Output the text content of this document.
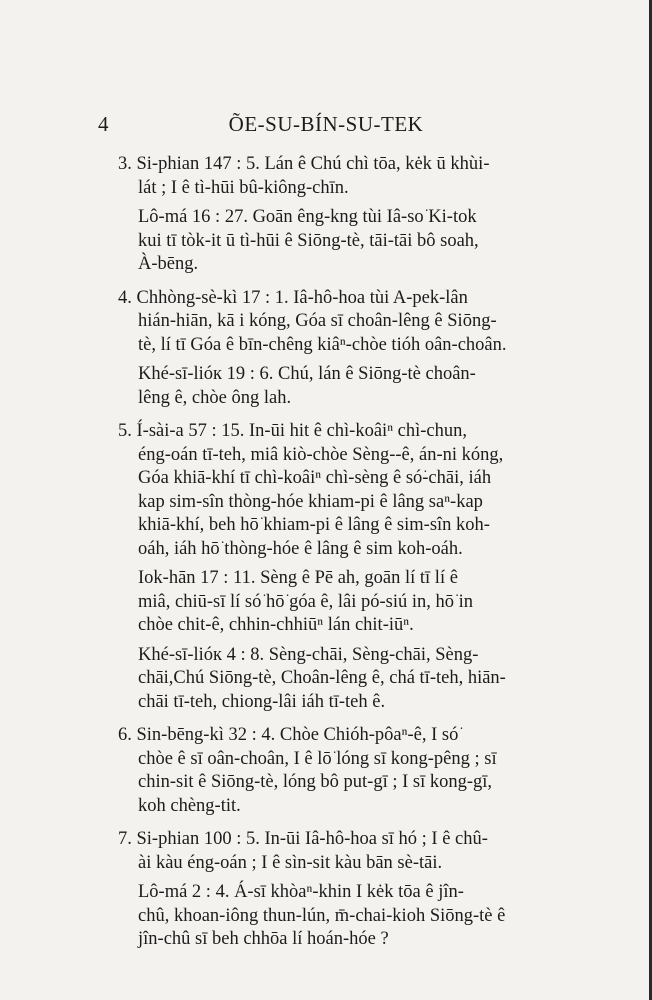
4	ÕE-SU-BÍN-SU-TEK
3. Si-phian 147 : 5. Lán ê Chú chì tōa, kėk ū khùi-
lát ; I ê tì-hūi bû-kiông-chīn.
Lô-má 16 : 27. Goān êng-kng tùi Iâ-so͘ Ki-tok
kui tī tòk-it ū tì-hūi ê Siōng-tè, tāi-tāi bô soah,
À-bēng.
4. Chhòng-sè-kì 17 : 1. Iâ-hô-hoa tùi A-pek-lân
hián-hiān, kā i kóng, Góa sī choân-lêng ê Siōng-
tè, lí tī Góa ê bīn-chêng kiâⁿ-chòe tióh oân-choân.
Khé-sī-lióк 19 : 6. Chú, lán ê Siōng-tè choân-
lêng ê, chòe ông lah.
5. Í-sài-a 57 : 15. In-ūi hit ê chì-koâiⁿ chì-chun,
éng-oán tī-teh, miâ kiò-chòe Sèng--ê, án-ni kóng,
Góa khiā-khí tī chì-koâiⁿ chì-sèng ê só͘-chāi, iáh
kap sim-sîn thòng-hóe khiam-pi ê lâng saⁿ-kap
khiā-khí, beh hō͘ khiam-pi ê lâng ê sim-sîn koh-
oáh, iáh hō͘ thòng-hóe ê lâng ê sim koh-oáh.
Iok-hān 17 : 11. Sèng ê Pē ah, goān lí tī lí ê
miâ, chiū-sī lí só͘ hō͘ góa ê, lâi pó-siú in, hō͘ in
chòe chit-ê, chhin-chhiūⁿ lán chit-iūⁿ.
Khé-sī-lióк 4 : 8. Sèng-chāi, Sèng-chāi, Sèng-
chāi,Chú Siōng-tè, Choân-lêng ê, chá tī-teh, hiān-
chāi tī-teh, chiong-lâi iáh tī-teh ê.
6. Sin-bēng-kì 32 : 4. Chòe Chióh-pôaⁿ-ê, I só͘
chòe ê sī oân-choân, I ê lō͘ lóng sī kong-pêng ; sī
chin-sit ê Siōng-tè, lóng bô put-gī ; I sī kong-gī,
koh chèng-tit.
7. Si-phian 100 : 5. In-ūi Iâ-hô-hoa sī hó ; I ê chû-
ài kàu éng-oán ; I ê sìn-sit kàu bān sè-tāi.
Lô-má 2 : 4. Á-sī khòaⁿ-khin I kėk tōa ê jîn-
chû, khoan-iông thun-lún, m̄-chai-kioh Siōng-tè ê
jîn-chû sī beh chhōa lí hoán-hóe ?
